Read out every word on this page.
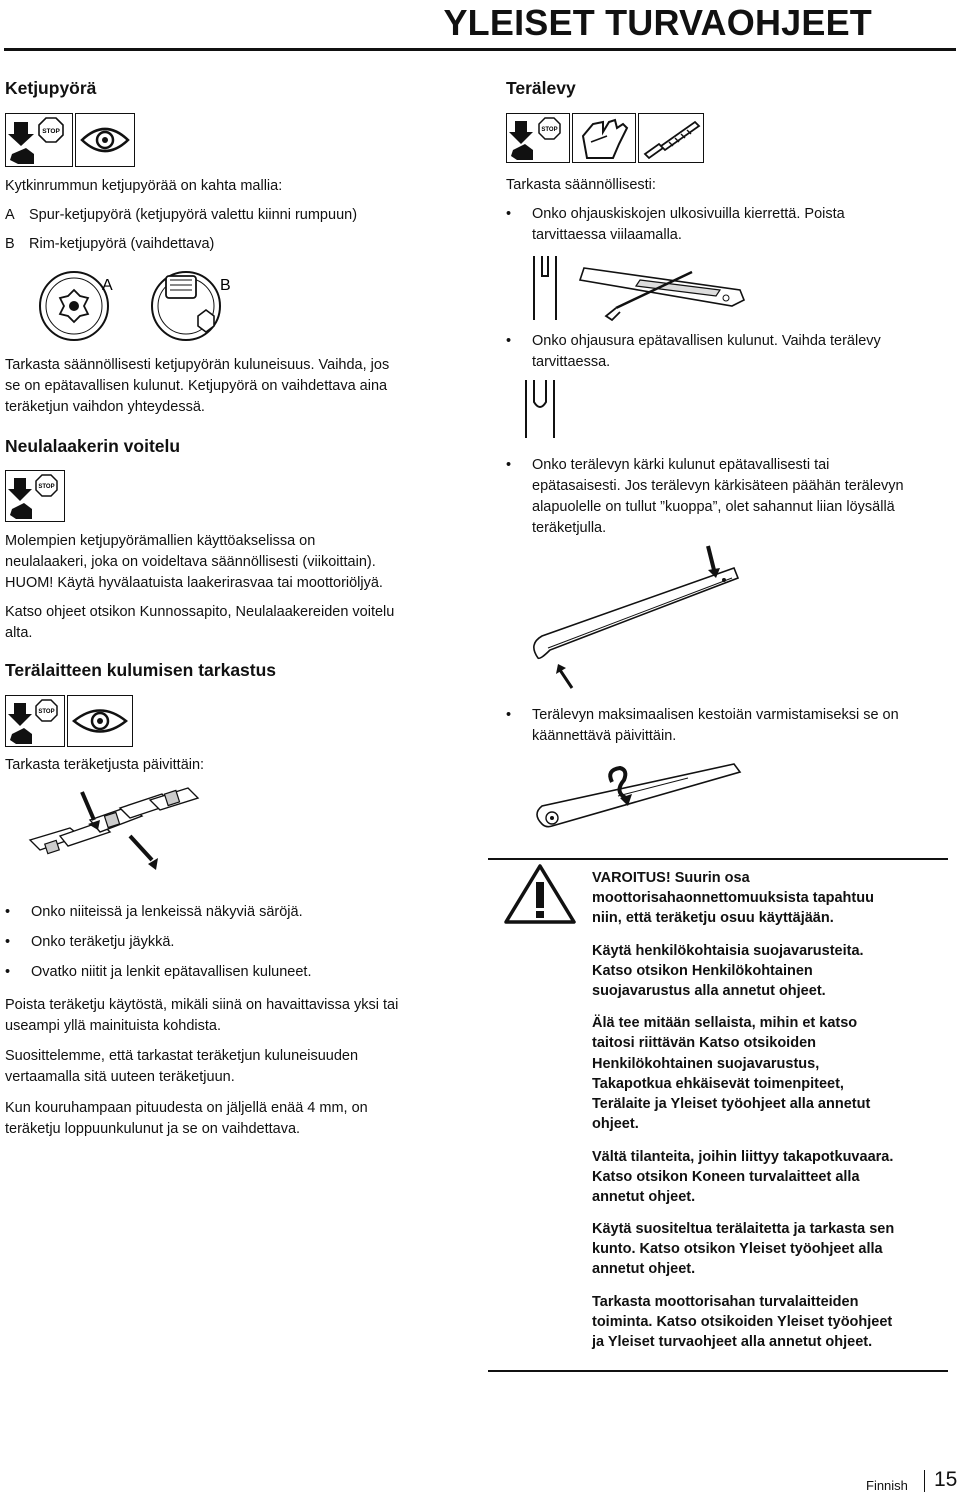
YLEISET TURVAOHJEET
Ketjupyörä
STOP
Kytkinrummun ketjupyörää on kahta mallia:
A Spur-ketjupyörä (ketjupyörä valettu kiinni rumpuun)
B Rim-ketjupyörä (vaihdettava)
A	B
Tarkasta säännöllisesti ketjupyörän kuluneisuus. Vaihda, jos
se on epätavallisen kulunut. Ketjupyörä on vaihdettava aina
teräketjun vaihdon yhteydessä.
Neulalaakerin voitelu
STOP
Molempien ketjupyörämallien käyttöakselissa on
neulalaakeri, joka on voideltava säännöllisesti (viikoittain).
HUOM! Käytä hyvälaatuista laakerirasvaa tai moottoriöljyä.
Katso ohjeet otsikon Kunnossapito, Neulalaakereiden voitelu
alta.
Terälaitteen kulumisen tarkastus
STOP
Tarkasta teräketjusta päivittäin:
• Onko niiteissä ja lenkeissä näkyviä säröjä.
• Onko teräketju jäykkä.
• Ovatko niitit ja lenkit epätavallisen kuluneet.
Poista teräketju käytöstä, mikäli siinä on havaittavissa yksi tai
useampi yllä mainituista kohdista.
Suosittelemme, että tarkastat teräketjun kuluneisuuden
vertaamalla sitä uuteen teräketjuun.
Kun kouruhampaan pituudesta on jäljellä enää 4 mm, on
teräketju loppuunkulunut ja se on vaihdettava.
Terälevy
STOP
Tarkasta säännöllisesti:
• Onko ohjauskiskojen ulkosivuilla kierrettä. Poista
tarvittaessa viilaamalla.
• Onko ohjausura epätavallisen kulunut. Vaihda terälevy
tarvittaessa.
• Onko terälevyn kärki kulunut epätavallisesti tai
epätasaisesti. Jos terälevyn kärkisäteen päähän terälevyn
alapuolelle on tullut ”kuoppa”, olet sahannut liian löysällä
teräketjulla.
• Terälevyn maksimaalisen kestoiän varmistamiseksi se on
käännettävä päivittäin.
VAROITUS! Suurin osa
moottorisahaonnettomuuksista tapahtuu
niin, että teräketju osuu käyttäjään.
Käytä henkilökohtaisia suojavarusteita.
Katso otsikon Henkilökohtainen
suojavarustus alla annetut ohjeet.
Älä tee mitään sellaista, mihin et katso
taitosi riittävän Katso otsikoiden
Henkilökohtainen suojavarustus,
Takapotkua ehkäisevät toimenpiteet,
Terälaite ja Yleiset työohjeet alla annetut
ohjeet.
Vältä tilanteita, joihin liittyy takapotkuvaara.
Katso otsikon Koneen turvalaitteet alla
annetut ohjeet.
Käytä suositeltua terälaitetta ja tarkasta sen
kunto. Katso otsikon Yleiset työohjeet alla
annetut ohjeet.
Tarkasta moottorisahan turvalaitteiden
toiminta. Katso otsikoiden Yleiset työohjeet
ja Yleiset turvaohjeet alla annetut ohjeet.
Finnish 15
